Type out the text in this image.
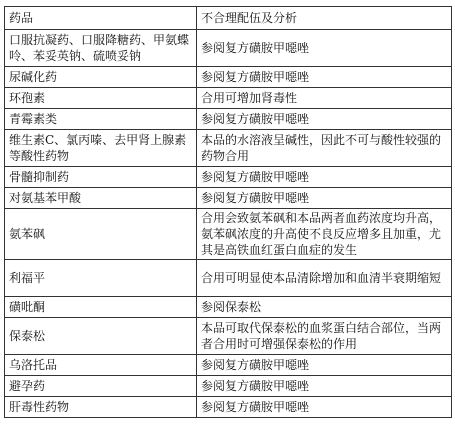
药品	不合理配伍及分析
口服抗凝药、口服降糖药、甲氨蝶呤、苯妥英钠、硫喷妥钠	参阅复方磺胺甲噁唑
尿碱化药	参阅复方磺胺甲噁唑
环孢素	合用可增加肾毒性
青霉素类	参阅复方磺胺甲噁唑
维生素C、氯丙嗪、去甲肾上腺素等酸性药物	本品的水溶液呈碱性，因此不可与酸性较强的药物合用
骨髓抑制药	参阅复方磺胺甲噁唑
对氨基苯甲酸	参阅复方磺胺甲噁唑
氨苯砜	合用会致氨苯砜和本品两者血药浓度均升高，氨苯砜浓度的升高使不良反应增多且加重，尤其是高铁血红蛋白血症的发生
利福平	合用可明显使本品清除增加和血清半衰期缩短
磺吡酮	参阅保泰松
保泰松	本品可取代保泰松的血浆蛋白结合部位，当两者合用时可增强保泰松的作用
乌洛托品	参阅复方磺胺甲噁唑
避孕药	参阅复方磺胺甲噁唑
肝毒性药物	参阅复方磺胺甲噁唑
